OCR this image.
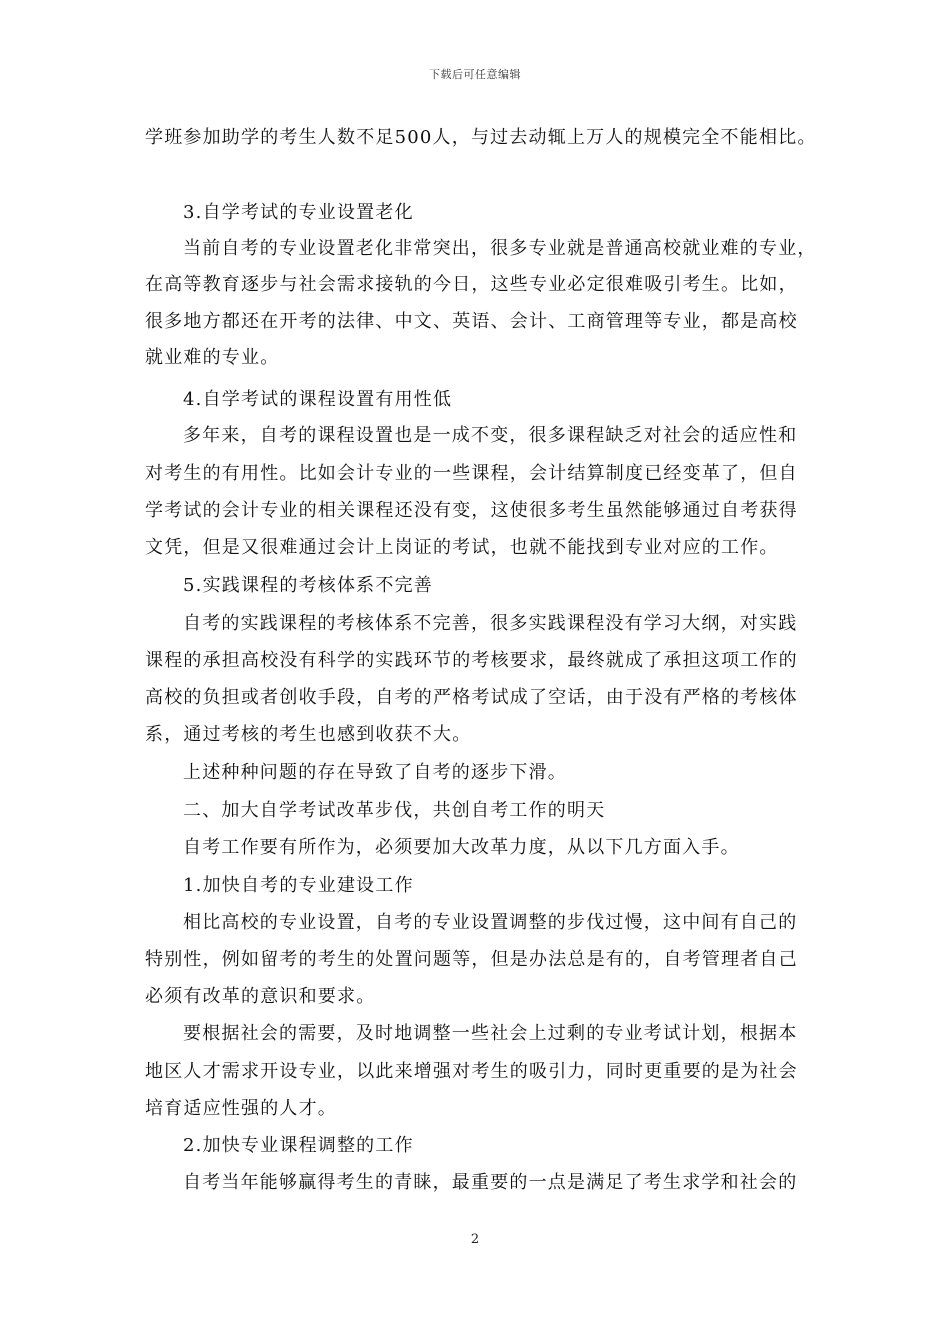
下载后可任意编辑
学班参加助学的考生人数不足500人，与过去动辄上万人的规模完全不能相比。
3.自学考试的专业设置老化
当前自考的专业设置老化非常突出，很多专业就是普通高校就业难的专业，
在高等教育逐步与社会需求接轨的今日，这些专业必定很难吸引考生。比如，
很多地方都还在开考的法律、中文、英语、会计、工商管理等专业，都是高校
就业难的专业。
4.自学考试的课程设置有用性低
多年来，自考的课程设置也是一成不变，很多课程缺乏对社会的适应性和
对考生的有用性。比如会计专业的一些课程，会计结算制度已经变革了，但自
学考试的会计专业的相关课程还没有变，这使很多考生虽然能够通过自考获得
文凭，但是又很难通过会计上岗证的考试，也就不能找到专业对应的工作。
5.实践课程的考核体系不完善
自考的实践课程的考核体系不完善，很多实践课程没有学习大纲，对实践
课程的承担高校没有科学的实践环节的考核要求，最终就成了承担这项工作的
高校的负担或者创收手段，自考的严格考试成了空话，由于没有严格的考核体
系，通过考核的考生也感到收获不大。
上述种种问题的存在导致了自考的逐步下滑。
二、加大自学考试改革步伐，共创自考工作的明天
自考工作要有所作为，必须要加大改革力度，从以下几方面入手。
1.加快自考的专业建设工作
相比高校的专业设置，自考的专业设置调整的步伐过慢，这中间有自己的
特别性，例如留考的考生的处置问题等，但是办法总是有的，自考管理者自己
必须有改革的意识和要求。
要根据社会的需要，及时地调整一些社会上过剩的专业考试计划，根据本
地区人才需求开设专业，以此来增强对考生的吸引力，同时更重要的是为社会
培育适应性强的人才。
2.加快专业课程调整的工作
自考当年能够赢得考生的青睐，最重要的一点是满足了考生求学和社会的
2
